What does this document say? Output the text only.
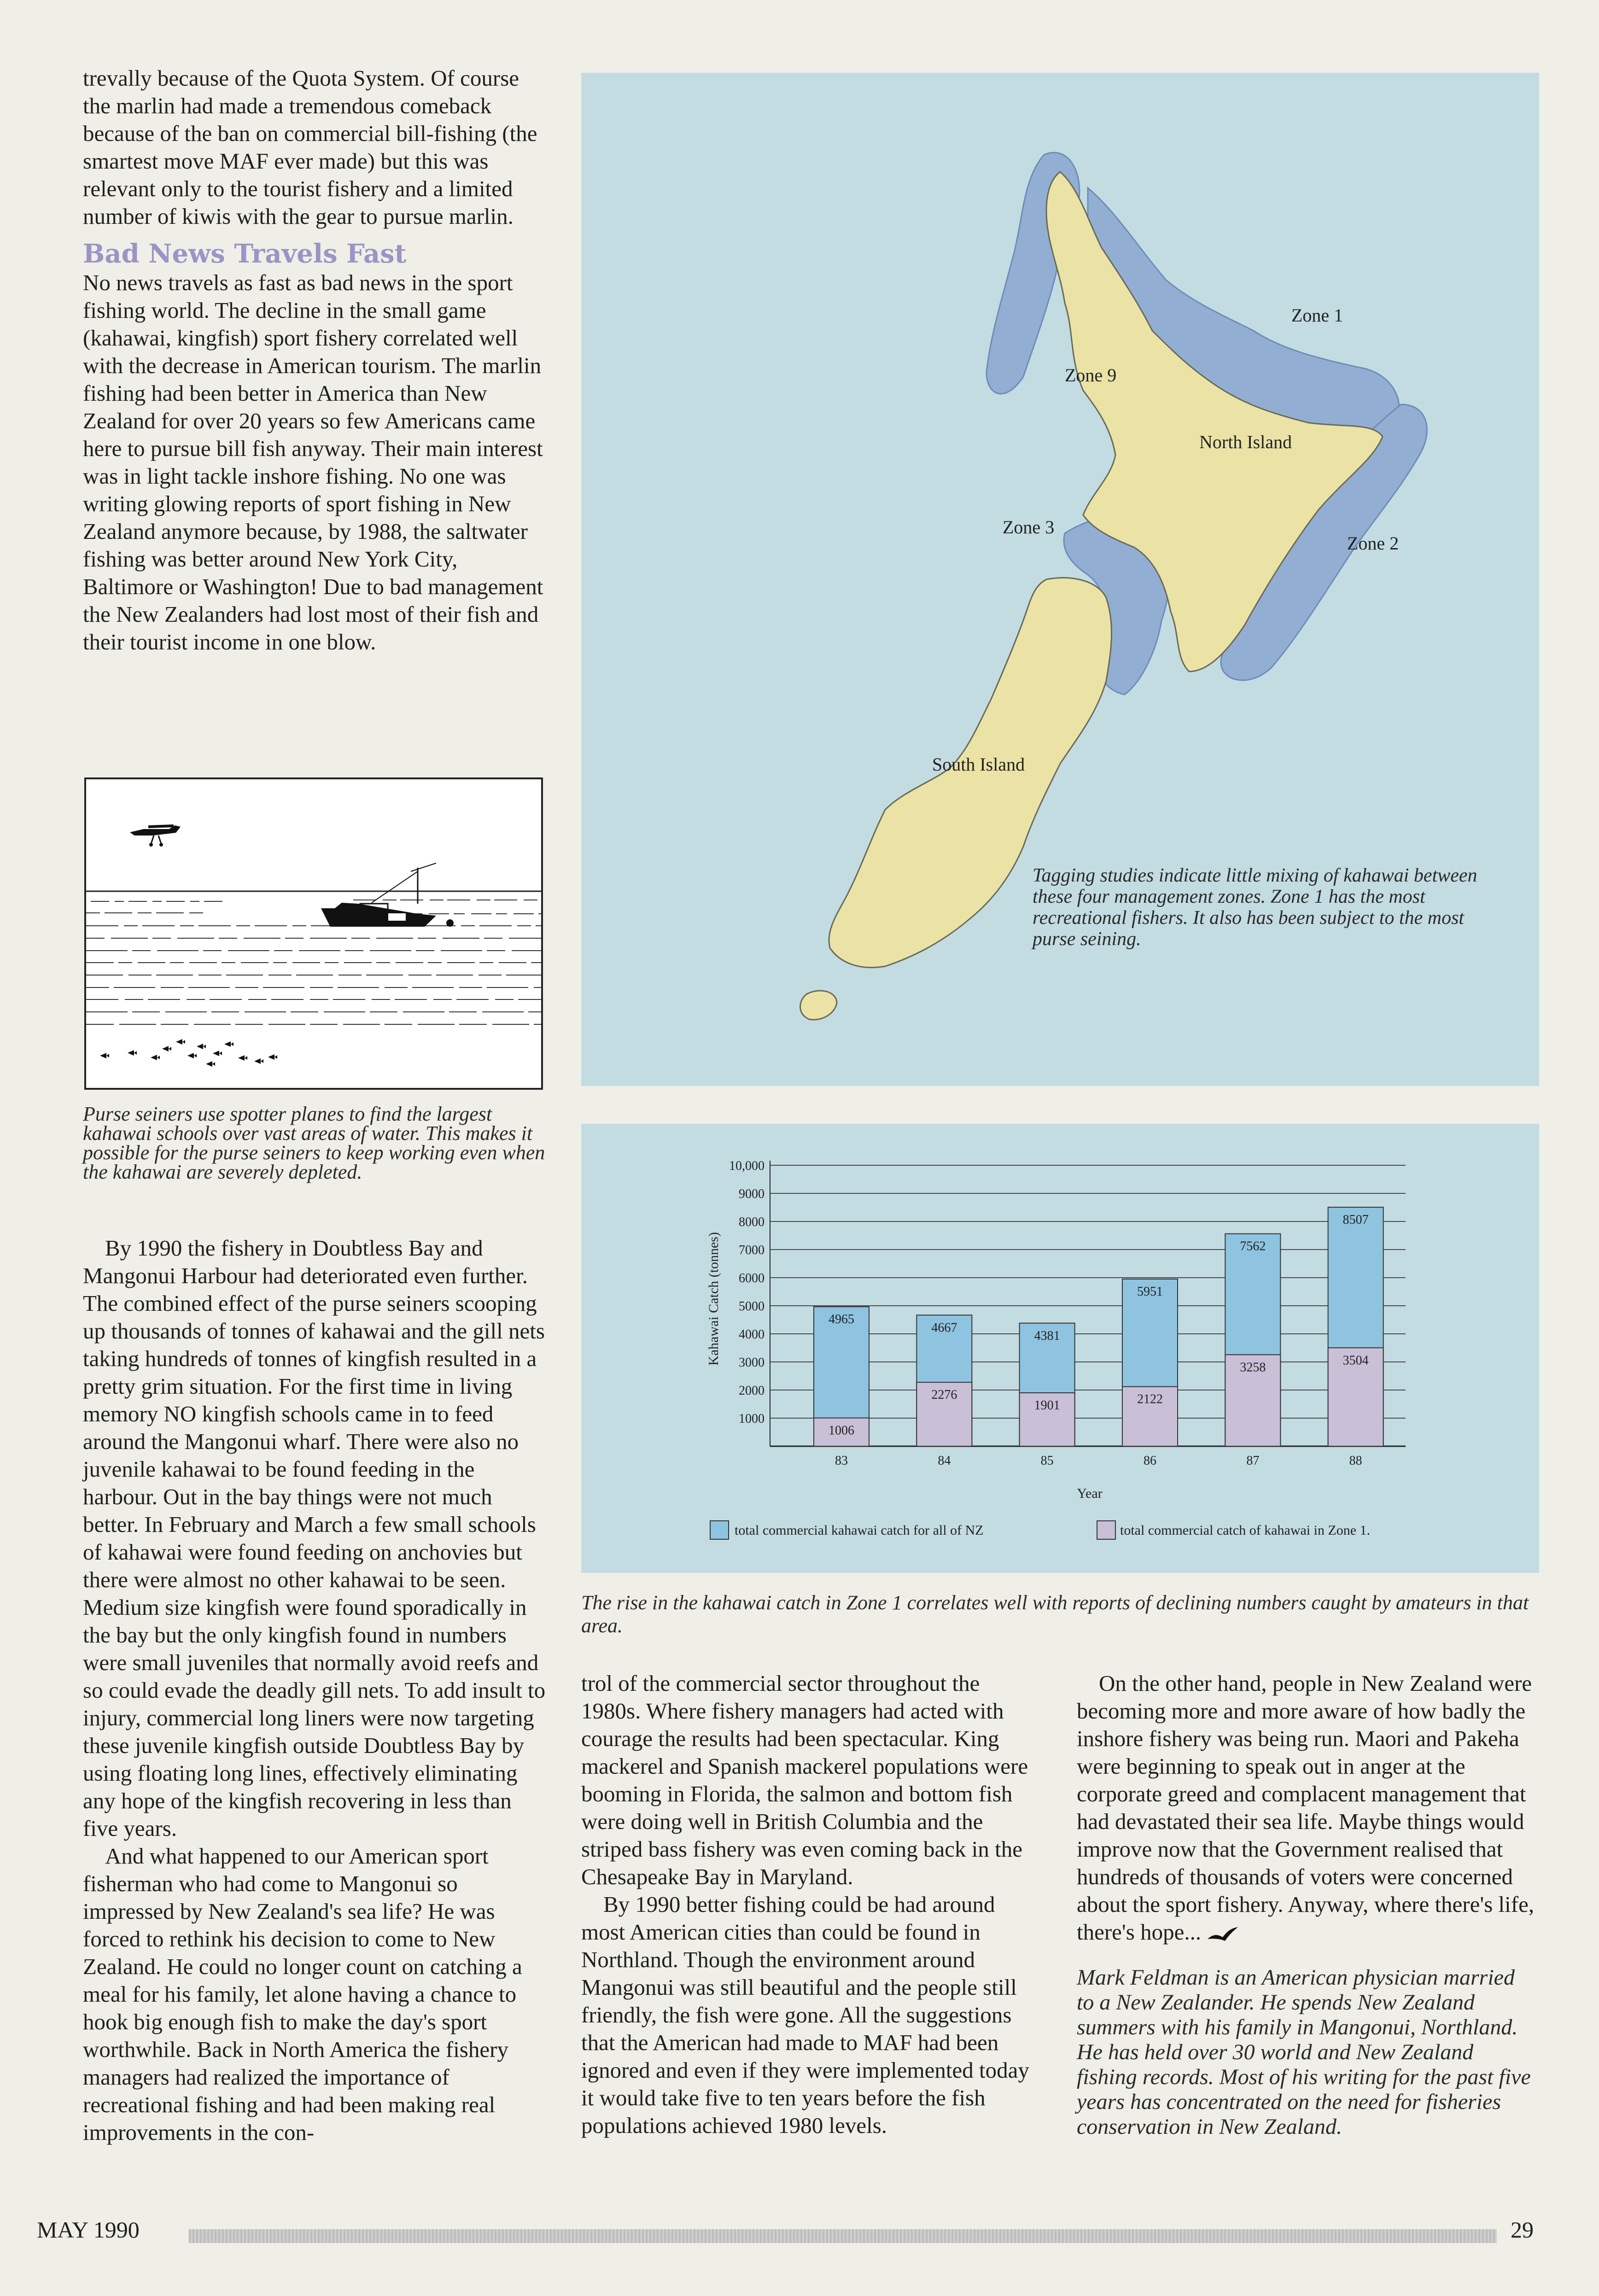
trevally because of the Quota System. Of course the marlin had made a tremendous comeback because of the ban on commercial bill-fishing (the smartest move MAF ever made) but this was relevant only to the tourist fishery and a limited number of kiwis with the gear to pursue marlin.

Bad News Travels Fast

No news travels as fast as bad news in the sport fishing world. The decline in the small game (kahawai, kingfish) sport fishery correlated well with the decrease in American tourism. The marlin fishing had been better in America than New Zealand for over 20 years so few Americans came here to pursue bill fish anyway. Their main interest was in light tackle inshore fishing. No one was writing glowing reports of sport fishing in New Zealand anymore because, by 1988, the saltwater fishing was better around New York City, Baltimore or Washington! Due to bad management the New Zealanders had lost most of their fish and their tourist income in one blow.

Purse seiners use spotter planes to find the largest kahawai schools over vast areas of water. This makes it possible for the purse seiners to keep working even when the kahawai are severely depleted.

By 1990 the fishery in Doubtless Bay and Mangonui Harbour had deteriorated even further. The combined effect of the purse seiners scooping up thousands of tonnes of kahawai and the gill nets taking hundreds of tonnes of kingfish resulted in a pretty grim situation. For the first time in living memory NO kingfish schools came in to feed around the Mangonui wharf. There were also no juvenile kahawai to be found feeding in the harbour. Out in the bay things were not much better. In February and March a few small schools of kahawai were found feeding on anchovies but there were almost no other kahawai to be seen. Medium size kingfish were found sporadically in the bay but the only kingfish found in numbers were small juveniles that normally avoid reefs and so could evade the deadly gill nets. To add insult to injury, commercial long liners were now targeting these juvenile kingfish outside Doubtless Bay by using floating long lines, effectively eliminating any hope of the kingfish recovering in less than five years.

And what happened to our American sport fisherman who had come to Mangonui so impressed by New Zealand's sea life? He was forced to rethink his decision to come to New Zealand. He could no longer count on catching a meal for his family, let alone having a chance to hook big enough fish to make the day's sport worthwhile. Back in North America the fishery managers had realized the importance of recreational fishing and had been making real improvements in the con-

Zone 1
Zone 2
Zone 3
Zone 9
North Island
South Island
Tagging studies indicate little mixing of kahawai between these four management zones. Zone 1 has the most recreational fishers. It also has been subject to the most purse seining.
1000
2000
3000
4000
5000
6000
7000
8000
9000
10,000
4965
1006
83
4667
2276
84
4381
1901
85
5951
2122
86
7562
3258
87
8507
3504
88
Kahawai Catch (tonnes)
Year
total commercial kahawai catch for all of NZ	total commercial catch of kahawai in Zone 1.
The rise in the kahawai catch in Zone 1 correlates well with reports of declining numbers caught by amateurs in that area.

trol of the commercial sector throughout the 1980s. Where fishery managers had acted with courage the results had been spectacular. King mackerel and Spanish mackerel populations were booming in Florida, the salmon and bottom fish were doing well in British Columbia and the striped bass fishery was even coming back in the Chesapeake Bay in Maryland.

By 1990 better fishing could be had around most American cities than could be found in Northland. Though the environment around Mangonui was still beautiful and the people still friendly, the fish were gone. All the suggestions that the American had made to MAF had been ignored and even if they were implemented today it would take five to ten years before the fish populations achieved 1980 levels.

On the other hand, people in New Zealand were becoming more and more aware of how badly the inshore fishery was being run. Maori and Pakeha were beginning to speak out in anger at the corporate greed and complacent management that had devastated their sea life. Maybe things would improve now that the Government realised that hundreds of thousands of voters were concerned about the sport fishery. Anyway, where there's life, there's hope...

Mark Feldman is an American physician married to a New Zealander. He spends New Zealand summers with his family in Mangonui, Northland. He has held over 30 world and New Zealand fishing records. Most of his writing for the past five years has concentrated on the need for fisheries conservation in New Zealand.

MAY 1990	29
